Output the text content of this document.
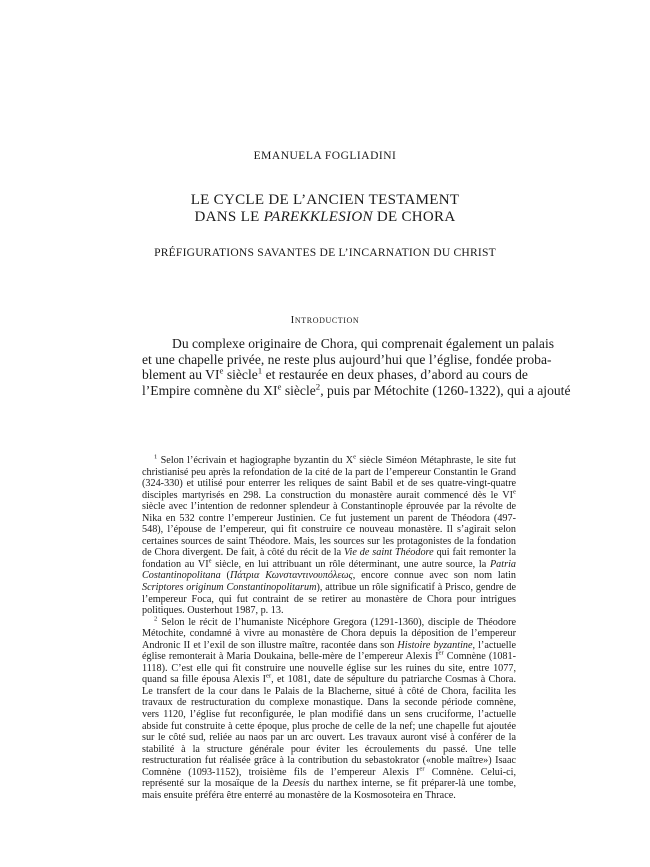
EMANUELA FOGLIADINI
LE CYCLE DE L’ANCIEN TESTAMENT
DANS LE PAREKKLESION DE CHORA
PRÉFIGURATIONS SAVANTES DE L’INCARNATION DU CHRIST
Introduction
Du complexe originaire de Chora, qui comprenait également un palais
et une chapelle privée, ne reste plus aujourd’hui que l’église, fondée proba-
blement au VIe siècle$^1$ et restaurée en deux phases, d’abord au cours de
l’Empire comnène du XIe siècle$^2$, puis par Métochite (1260-1322), qui a ajouté

$^1$ Selon l’écrivain et hagiographe byzantin du Xe siècle Siméon Métaphraste, le site fut christianisé peu après la refondation de la cité de la part de l’empereur Constantin le Grand (324-330) et utilisé pour enterrer les reliques de saint Babil et de ses quatre-vingt-quatre disciples martyrisés en 298. La construction du monastère aurait commencé dès le VIe siècle avec l’intention de redonner splendeur à Constantinople éprouvée par la révolte de Nika en 532 contre l’empereur Justinien. Ce fut justement un parent de Théodora (497-548), l’épouse de l’empereur, qui fit construire ce nouveau monastère. Il s’agirait selon certaines sources de saint Théodore. Mais, les sources sur les protagonistes de la fondation de Chora divergent. De fait, à côté du récit de la Vie de saint Théodore qui fait remonter la fondation au VIe siècle, en lui attribuant un rôle déterminant, une autre source, la Patria Costantinopolitana (Πάτρια Κωνσταντινουπόλεως, encore connue avec son nom latin Scriptores originum Constantinopolitarum), attribue un rôle significatif à Prisco, gendre de l’empereur Foca, qui fut contraint de se retirer au monastère de Chora pour intrigues politiques. Ousterhout 1987, p. 13.

$^2$ Selon le récit de l’humaniste Nicéphore Gregora (1291-1360), disciple de Théodore Métochite, condamné à vivre au monastère de Chora depuis la déposition de l’empereur Andronic II et l’exil de son illustre maître, racontée dans son Histoire byzantine, l’actuelle église remonterait à Maria Doukaina, belle-mère de l’empereur Alexis Ier Comnène (1081-1118). C’est elle qui fit construire une nouvelle église sur les ruines du site, entre 1077, quand sa fille épousa Alexis Ier, et 1081, date de sépulture du patriarche Cosmas à Chora. Le transfert de la cour dans le Palais de la Blacherne, situé à côté de Chora, facilita les travaux de restructuration du complexe monastique. Dans la seconde période comnène, vers 1120, l’église fut reconfigurée, le plan modifié dans un sens cruciforme, l’actuelle abside fut construite à cette époque, plus proche de celle de la nef; une chapelle fut ajoutée sur le côté sud, reliée au naos par un arc ouvert. Les travaux auront visé à conférer de la stabilité à la structure générale pour éviter les écroulements du passé. Une telle restructuration fut réalisée grâce à la contribution du sebastokrator («noble maître») Isaac Comnène (1093-1152), troisième fils de l’empereur Alexis Ier Comnène. Celui-ci, représenté sur la mosaïque de la Deesis du narthex interne, se fit préparer-là une tombe, mais ensuite préféra être enterré au monastère de la Kosmosoteira en Thrace.
